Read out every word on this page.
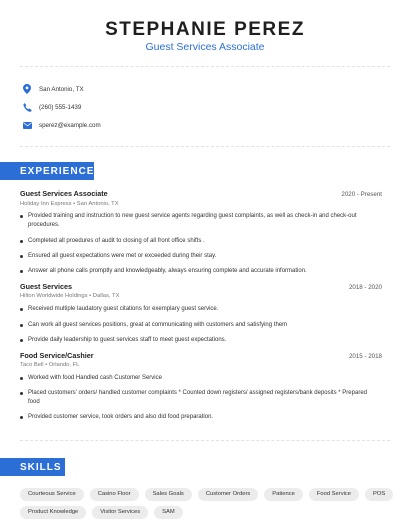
STEPHANIE PEREZ
Guest Services Associate
San Antonio, TX
(260) 555-1439
sperez@example.com
EXPERIENCE
Guest Services Associate	2020 - Present
Holiday Inn Express • San Antonio, TX
Provided training and instruction to new guest service agents regarding guest complaints, as well as check-in and check-out procedures.
Completed all proedures of audit to closing of all front office shifts .
Ensured all guest expectations were met or exceeded during their stay.
Answer all phone calls promptly and knowledgeably, always ensuring complete and accurate information.
Guest Services	2018 - 2020
Hilton Worldwide Holdings • Dallas, TX
Received multiple laudatory guest citations for exemplary guest service.
Can work all guest services positions, great at communicating with customers and satisfying them
Provide daily leadership to guest services staff to meet guest expectations.
Food Service/Cashier	2015 - 2018
Taco Bell • Orlando, FL
Worked with food Handled cash Customer Service
Placed customers' orders/ handled customer complaints * Counted down registers/ assigned registers/bank deposits * Prepared food
Provided customer service, took orders and also did food preparation.
SKILLS
Courteous Service	Casino Floor	Sales Goals	Customer Orders	Patience	Food Service	POS
Product Knowledge	Visitor Services	SAM
